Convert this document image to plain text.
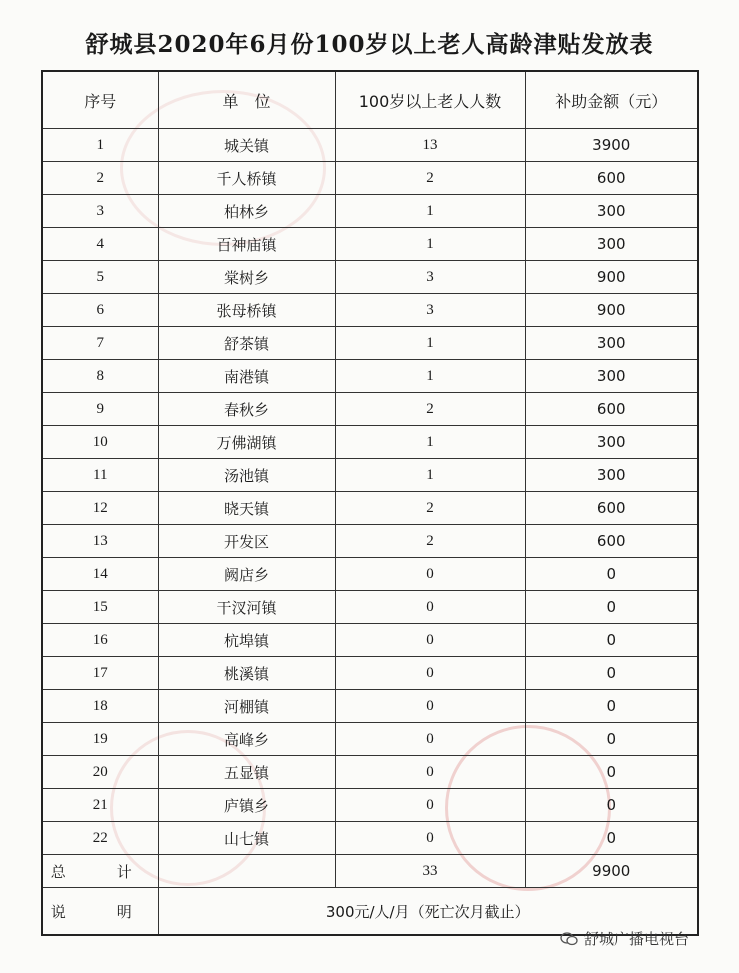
舒城县2020年6月份100岁以上老人高龄津贴发放表
序号	单　位	100岁以上老人人数	补助金额（元）
1	城关镇	13	3900
2	千人桥镇	2	600
3	柏林乡	1	300
4	百神庙镇	1	300
5	棠树乡	3	900
6	张母桥镇	3	900
7	舒茶镇	1	300
8	南港镇	1	300
9	春秋乡	2	600
10	万佛湖镇	1	300
11	汤池镇	1	300
12	晓天镇	2	600
13	开发区	2	600
14	阙店乡	0	0
15	干汊河镇	0	0
16	杭埠镇	0	0
17	桃溪镇	0	0
18	河棚镇	0	0
19	高峰乡	0	0
20	五显镇	0	0
21	庐镇乡	0	0
22	山七镇	0	0
总　计		33	9900
说　明	300元/人/月（死亡次月截止）		
舒城广播电视台
